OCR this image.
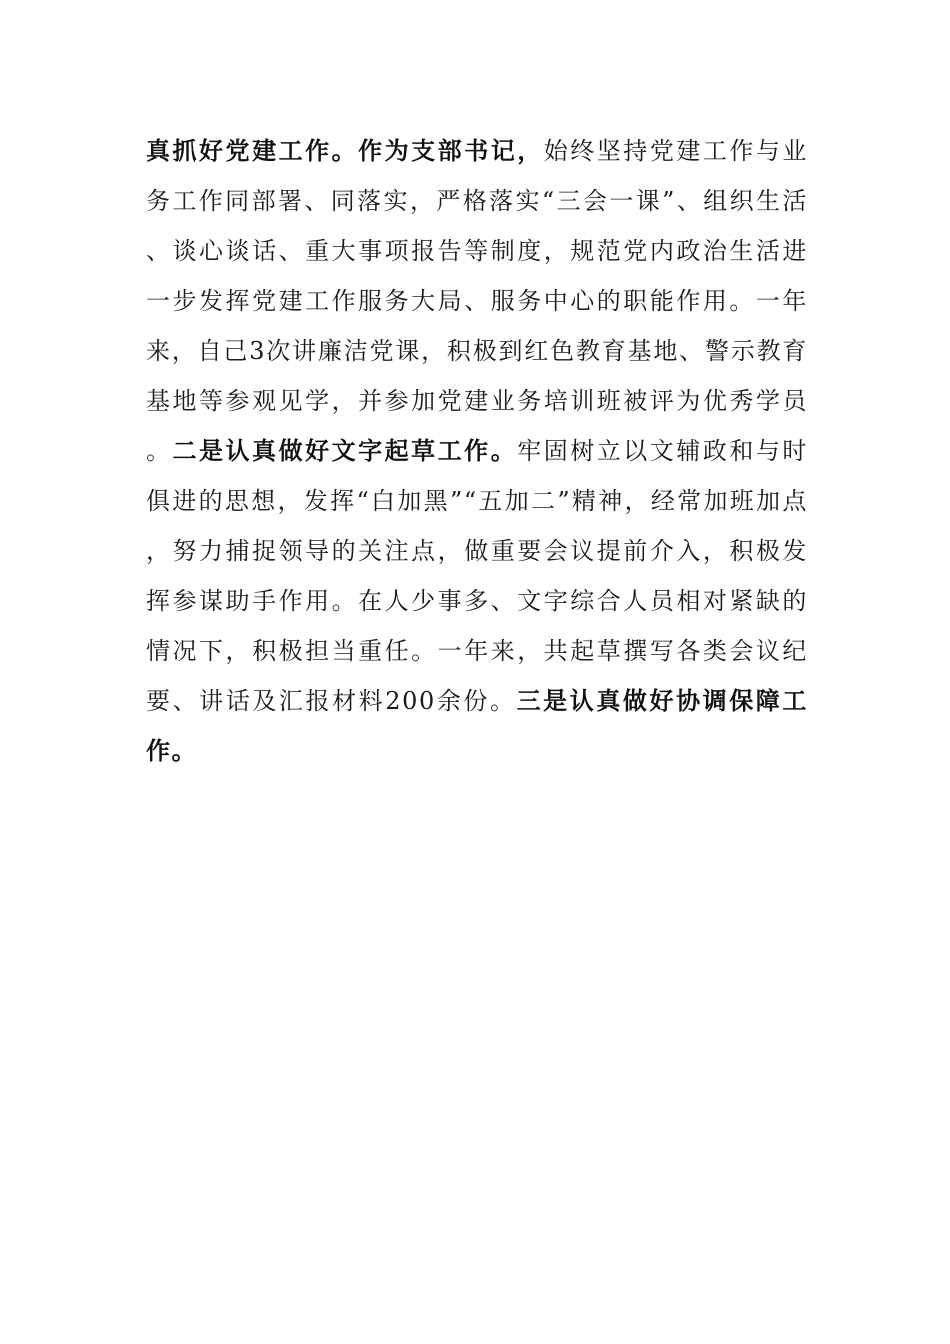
真抓好党建工作。作为支部书记，始终坚持党建工作与业务工作同部署、同落实，严格落实“三会一课”、组织生活、谈心谈话、重大事项报告等制度，规范党内政治生活进一步发挥党建工作服务大局、服务中心的职能作用。一年来，自己3次讲廉洁党课，积极到红色教育基地、警示教育基地等参观见学，并参加党建业务培训班被评为优秀学员。二是认真做好文字起草工作。牢固树立以文辅政和与时俱进的思想，发挥“白加黑”“五加二”精神，经常加班加点，努力捕捉领导的关注点，做重要会议提前介入，积极发挥参谋助手作用。在人少事多、文字综合人员相对紧缺的情况下，积极担当重任。一年来，共起草撰写各类会议纪要、讲话及汇报材料200余份。三是认真做好协调保障工作。
